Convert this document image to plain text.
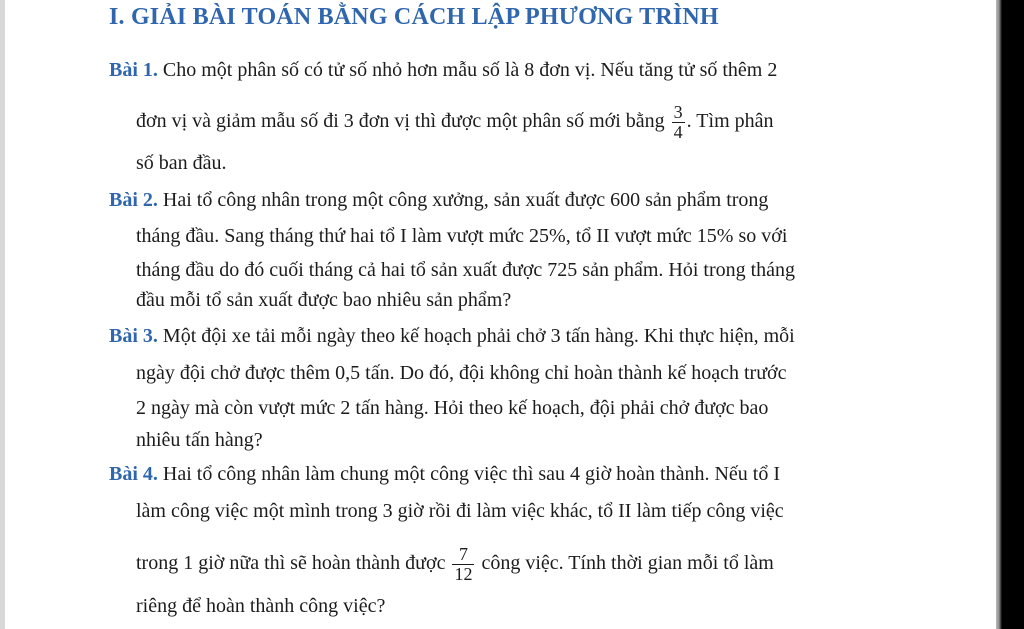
I. GIẢI BÀI TOÁN BẰNG CÁCH LẬP PHƯƠNG TRÌNH
Bài 1. Cho một phân số có tử số nhỏ hơn mẫu số là 8 đơn vị. Nếu tăng tử số thêm 2
đơn vị và giảm mẫu số đi 3 đơn vị thì được một phân số mới bằng $\frac{3}{4}$ . Tìm phân
số ban đầu.
Bài 2. Hai tổ công nhân trong một công xưởng, sản xuất được 600 sản phẩm trong
tháng đầu. Sang tháng thứ hai tổ I làm vượt mức 25%, tổ II vượt mức 15% so với
tháng đầu do đó cuối tháng cả hai tổ sản xuất được 725 sản phẩm. Hỏi trong tháng
đầu mỗi tổ sản xuất được bao nhiêu sản phẩm?
Bài 3. Một đội xe tải mỗi ngày theo kế hoạch phải chở 3 tấn hàng. Khi thực hiện, mỗi
ngày đội chở được thêm 0,5 tấn. Do đó, đội không chỉ hoàn thành kế hoạch trước
2 ngày mà còn vượt mức 2 tấn hàng. Hỏi theo kế hoạch, đội phải chở được bao
nhiêu tấn hàng?
Bài 4. Hai tổ công nhân làm chung một công việc thì sau 4 giờ hoàn thành. Nếu tổ I
làm công việc một mình trong 3 giờ rồi đi làm việc khác, tổ II làm tiếp công việc
trong 1 giờ nữa thì sẽ hoàn thành được $\frac{7}{12}$ công việc. Tính thời gian mỗi tổ làm
riêng để hoàn thành công việc?
